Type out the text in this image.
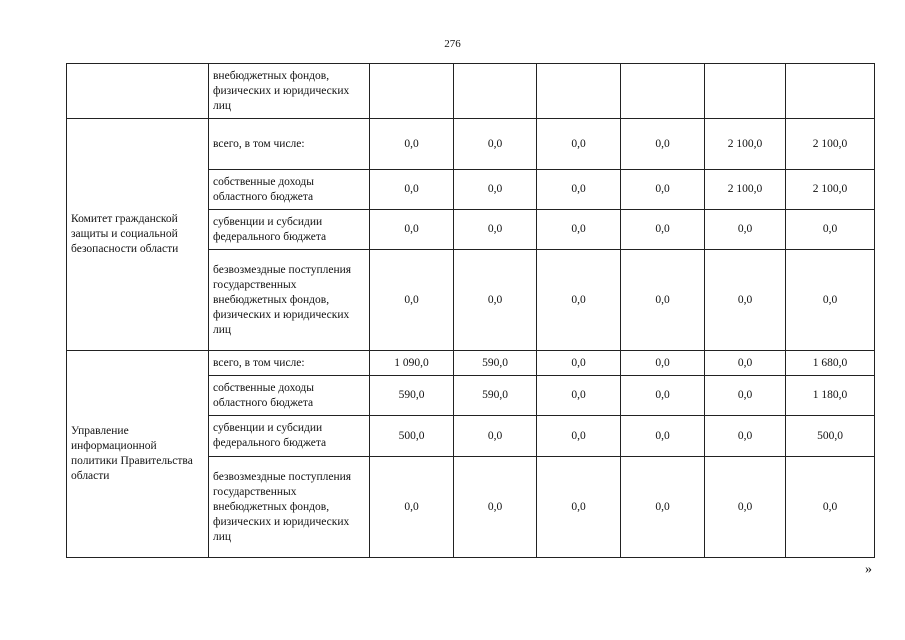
276
	внебюджетных фондов, физических и юридических лиц						
Комитет гражданской защиты и социальной безопасности области	всего, в том числе:	0,0	0,0	0,0	0,0	2 100,0	2 100,0
	собственные доходы областного бюджета	0,0	0,0	0,0	0,0	2 100,0	2 100,0
	субвенции и субсидии федерального бюджета	0,0	0,0	0,0	0,0	0,0	0,0
	безвозмездные поступления государственных внебюджетных фондов, физических и юридических лиц	0,0	0,0	0,0	0,0	0,0	0,0
Управление информационной политики Правительства области	всего, в том числе:	1 090,0	590,0	0,0	0,0	0,0	1 680,0
	собственные доходы областного бюджета	590,0	590,0	0,0	0,0	0,0	1 180,0
	субвенции и субсидии федерального бюджета	500,0	0,0	0,0	0,0	0,0	500,0
	безвозмездные поступления государственных внебюджетных фондов, физических и юридических лиц	0,0	0,0	0,0	0,0	0,0	0,0
»
